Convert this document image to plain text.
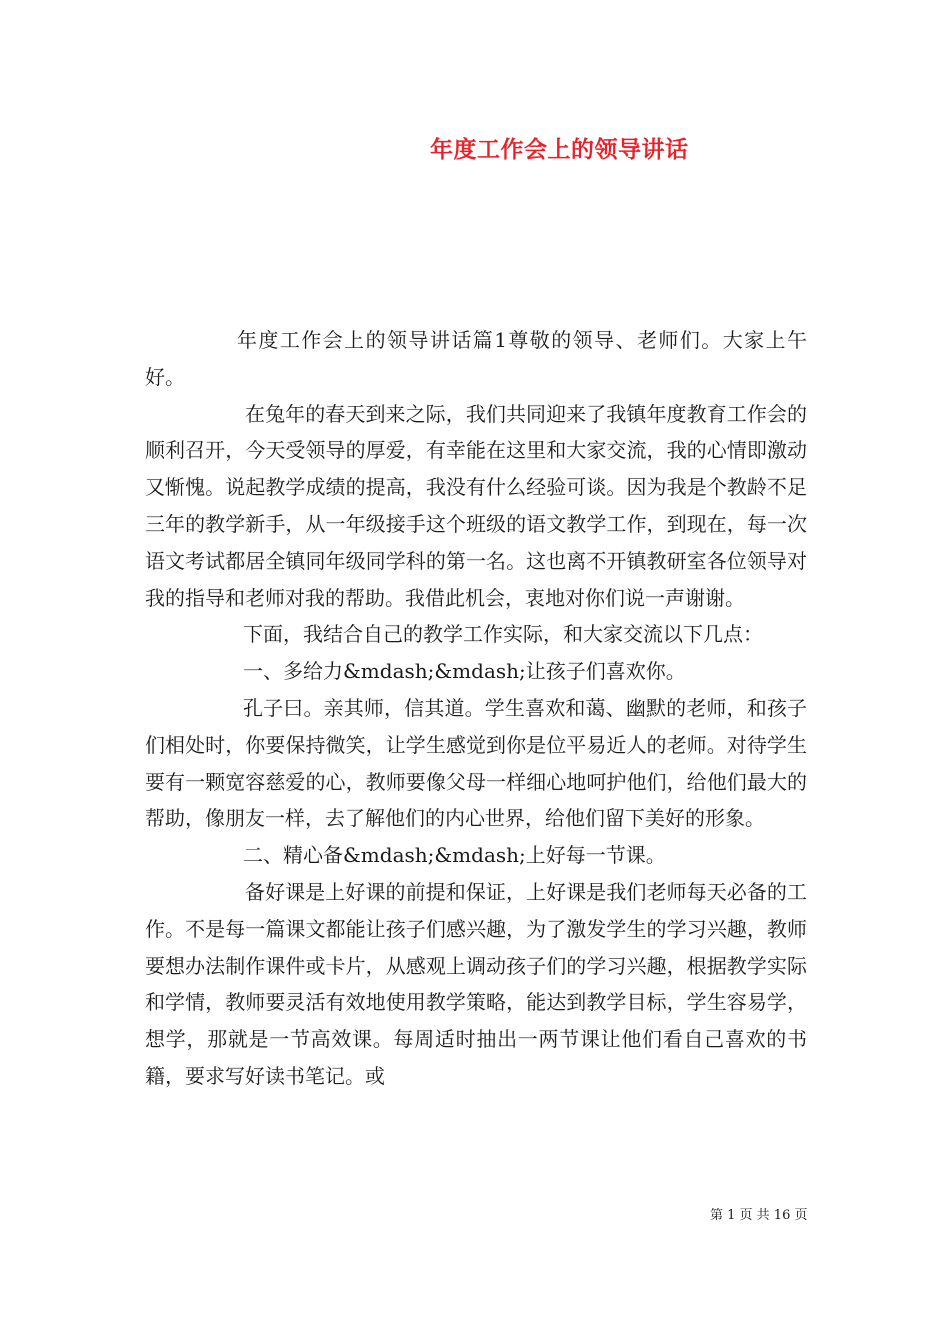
年度工作会上的领导讲话

年度工作会上的领导讲话篇1尊敬的领导、老师们。大家上午好。

在兔年的春天到来之际，我们共同迎来了我镇年度教育工作会的顺利召开，今天受领导的厚爱，有幸能在这里和大家交流，我的心情即激动又惭愧。说起教学成绩的提高，我没有什么经验可谈。因为我是个教龄不足三年的教学新手，从一年级接手这个班级的语文教学工作，到现在，每一次语文考试都居全镇同年级同学科的第一名。这也离不开镇教研室各位领导对我的指导和老师对我的帮助。我借此机会，衷地对你们说一声谢谢。

下面，我结合自己的教学工作实际，和大家交流以下几点：

一、多给力&mdash;&mdash;让孩子们喜欢你。

孔子曰。亲其师，信其道。学生喜欢和蔼、幽默的老师，和孩子们相处时，你要保持微笑，让学生感觉到你是位平易近人的老师。对待学生要有一颗宽容慈爱的心，教师要像父母一样细心地呵护他们，给他们最大的帮助，像朋友一样，去了解他们的内心世界，给他们留下美好的形象。

二、精心备&mdash;&mdash;上好每一节课。

备好课是上好课的前提和保证，上好课是我们老师每天必备的工作。不是每一篇课文都能让孩子们感兴趣，为了激发学生的学习兴趣，教师要想办法制作课件或卡片，从感观上调动孩子们的学习兴趣，根据教学实际和学情，教师要灵活有效地使用教学策略，能达到教学目标，学生容易学，想学，那就是一节高效课。每周适时抽出一两节课让他们看自己喜欢的书籍，要求写好读书笔记。或

第 1 页 共 16 页
